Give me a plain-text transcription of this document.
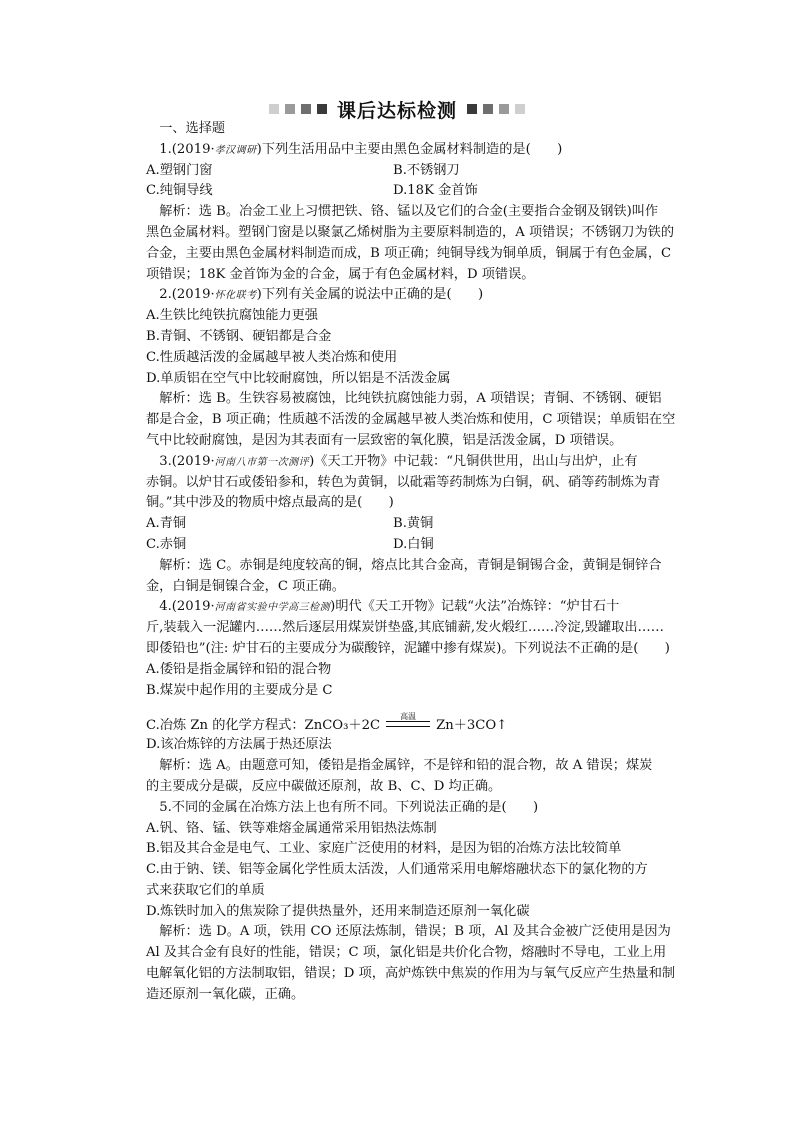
课后达标检测
一、选择题
1.(2019·孝汉调研)下列生活用品中主要由黑色金属材料制造的是(　　)
A.塑钢门窗	B.不锈钢刀
C.纯铜导线	D.18K 金首饰
解析：选 B。冶金工业上习惯把铁、铬、锰以及它们的合金(主要指合金钢及钢铁)叫作
黑色金属材料。塑钢门窗是以聚氯乙烯树脂为主要原料制造的，A 项错误；不锈钢刀为铁的
合金，主要由黑色金属材料制造而成，B 项正确；纯铜导线为铜单质，铜属于有色金属，C
项错误；18K 金首饰为金的合金，属于有色金属材料，D 项错误。
2.(2019·怀化联考)下列有关金属的说法中正确的是(　　)
A.生铁比纯铁抗腐蚀能力更强
B.青铜、不锈钢、硬铝都是合金
C.性质越活泼的金属越早被人类冶炼和使用
D.单质铝在空气中比较耐腐蚀，所以铝是不活泼金属
解析：选 B。生铁容易被腐蚀，比纯铁抗腐蚀能力弱，A 项错误；青铜、不锈钢、硬铝
都是合金，B 项正确；性质越不活泼的金属越早被人类冶炼和使用，C 项错误；单质铝在空
气中比较耐腐蚀，是因为其表面有一层致密的氧化膜，铝是活泼金属，D 项错误。
3.(2019·河南八市第一次测评)《天工开物》中记载：“凡铜供世用，出山与出炉，止有
赤铜。以炉甘石或倭铅参和，转色为黄铜，以砒霜等药制炼为白铜，矾、硝等药制炼为青
铜。”其中涉及的物质中熔点最高的是(　　)
A.青铜	B.黄铜
C.赤铜	D.白铜
解析：选 C。赤铜是纯度较高的铜，熔点比其合金高，青铜是铜锡合金，黄铜是铜锌合
金，白铜是铜镍合金，C 项正确。
4.(2019·河南省实验中学高三检测)明代《天工开物》记载“火法”冶炼锌：“炉甘石十
斤,装载入一泥罐内……然后逐层用煤炭饼垫盛,其底铺薪,发火煅红……冷淀,毁罐取出……
即倭铅也”(注: 炉甘石的主要成分为碳酸锌，泥罐中掺有煤炭)。下列说法不正确的是(　　)
A.倭铅是指金属锌和铅的混合物
B.煤炭中起作用的主要成分是 C
C.冶炼 Zn 的化学方程式：ZnCO₃＋2C
高温
Zn＋3CO↑
D.该冶炼锌的方法属于热还原法
解析：选 A。由题意可知，倭铅是指金属锌，不是锌和铅的混合物，故 A 错误；煤炭
的主要成分是碳，反应中碳做还原剂，故 B、C、D 均正确。
5.不同的金属在冶炼方法上也有所不同。下列说法正确的是(　　)
A.钒、铬、锰、铁等难熔金属通常采用铝热法炼制
B.铝及其合金是电气、工业、家庭广泛使用的材料，是因为铝的冶炼方法比较简单
C.由于钠、镁、铝等金属化学性质太活泼，人们通常采用电解熔融状态下的氯化物的方
式来获取它们的单质
D.炼铁时加入的焦炭除了提供热量外，还用来制造还原剂一氧化碳
解析：选 D。A 项，铁用 CO 还原法炼制，错误；B 项，Al 及其合金被广泛使用是因为
Al 及其合金有良好的性能，错误；C 项，氯化铝是共价化合物，熔融时不导电，工业上用
电解氧化铝的方法制取铝，错误；D 项，高炉炼铁中焦炭的作用为与氧气反应产生热量和制
造还原剂一氧化碳，正确。
